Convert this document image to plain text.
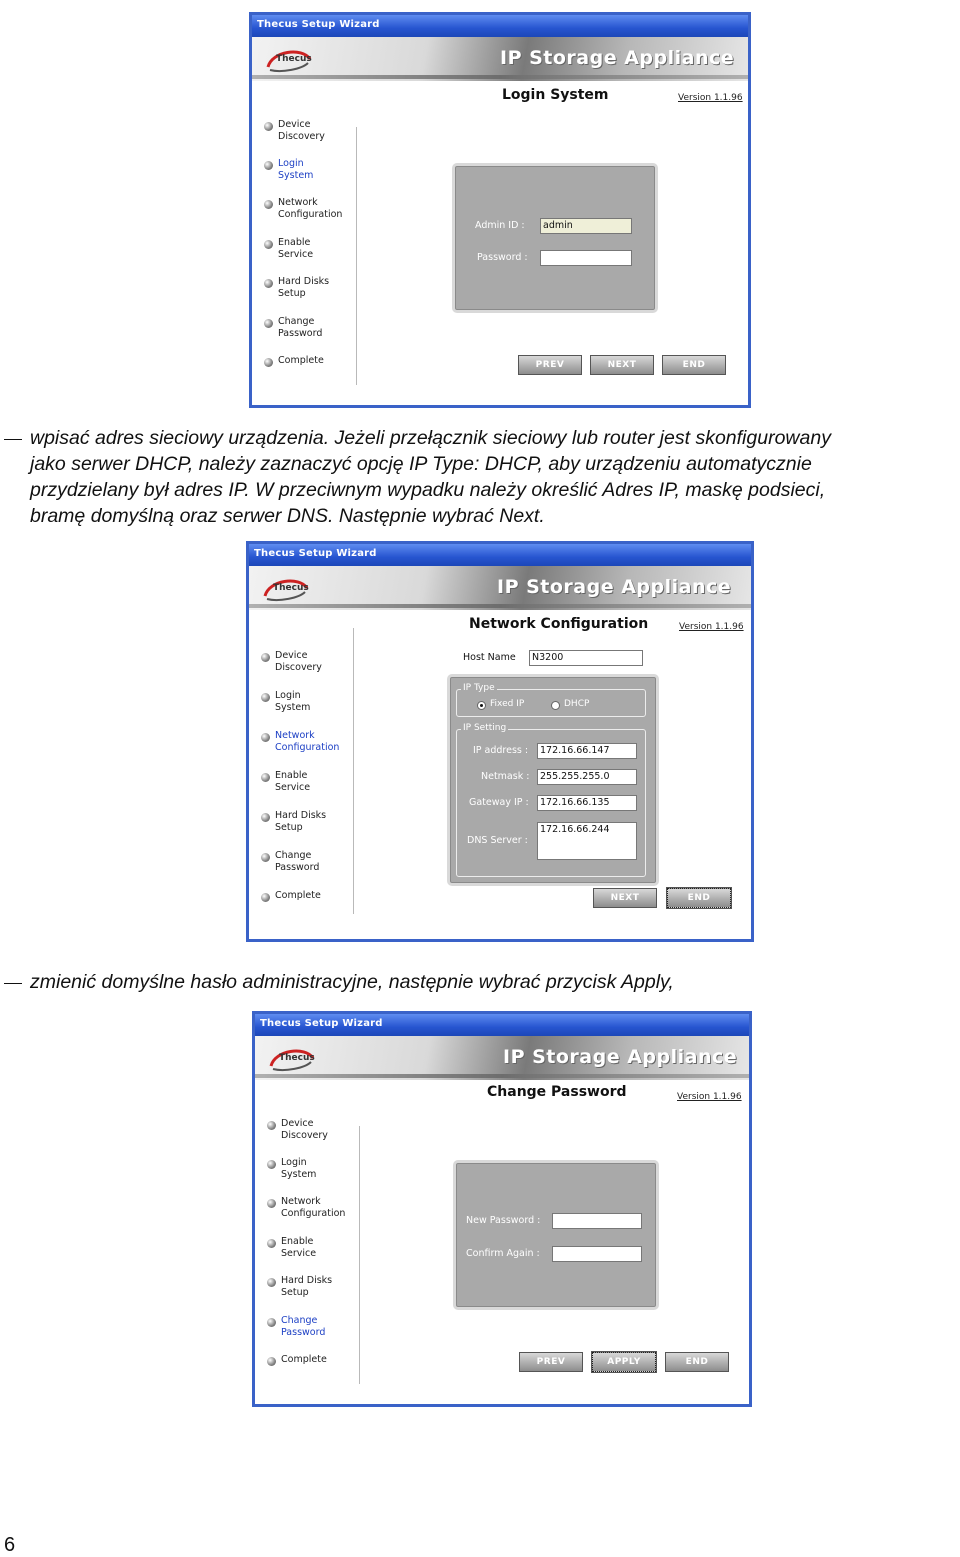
Thecus Setup Wizard
Thecus	IP Storage Appliance
Login System	Version 1.1.96
Device
Discovery
Login
System
Network
Configuration
Enable
Service
Hard Disks
Setup
Change
Password
Complete
Admin ID :	admin
Password :
PREV	NEXT	END
wpisać adres sieciowy urządzenia. Jeżeli przełącznik sieciowy lub router jest skonfigurowany
jako serwer DHCP, należy zaznaczyć opcję IP Type: DHCP, aby urządzeniu automatycznie
przydzielany był adres IP. W przeciwnym wypadku należy określić Adres IP, maskę podsieci,
bramę domyślną oraz serwer DNS. Następnie wybrać Next.
Thecus Setup Wizard
Thecus	IP Storage Appliance
Network Configuration	Version 1.1.96
Device
Discovery
Login
System
Network
Configuration
Enable
Service
Hard Disks
Setup
Change
Password
Complete
Host Name	N3200
IP Type
Fixed IP	DHCP
IP Setting
IP address :	172.16.66.147
Netmask :	255.255.255.0
Gateway IP :	172.16.66.135
DNS Server :
172.16.66.244
NEXT	END
zmienić domyślne hasło administracyjne, następnie wybrać przycisk Apply,
Thecus Setup Wizard
Thecus	IP Storage Appliance
Change Password	Version 1.1.96
Device
Discovery
Login
System
Network
Configuration
Enable
Service
Hard Disks
Setup
Change
Password
Complete
New Password :
Confirm Again :
PREV	APPLY	END
6
